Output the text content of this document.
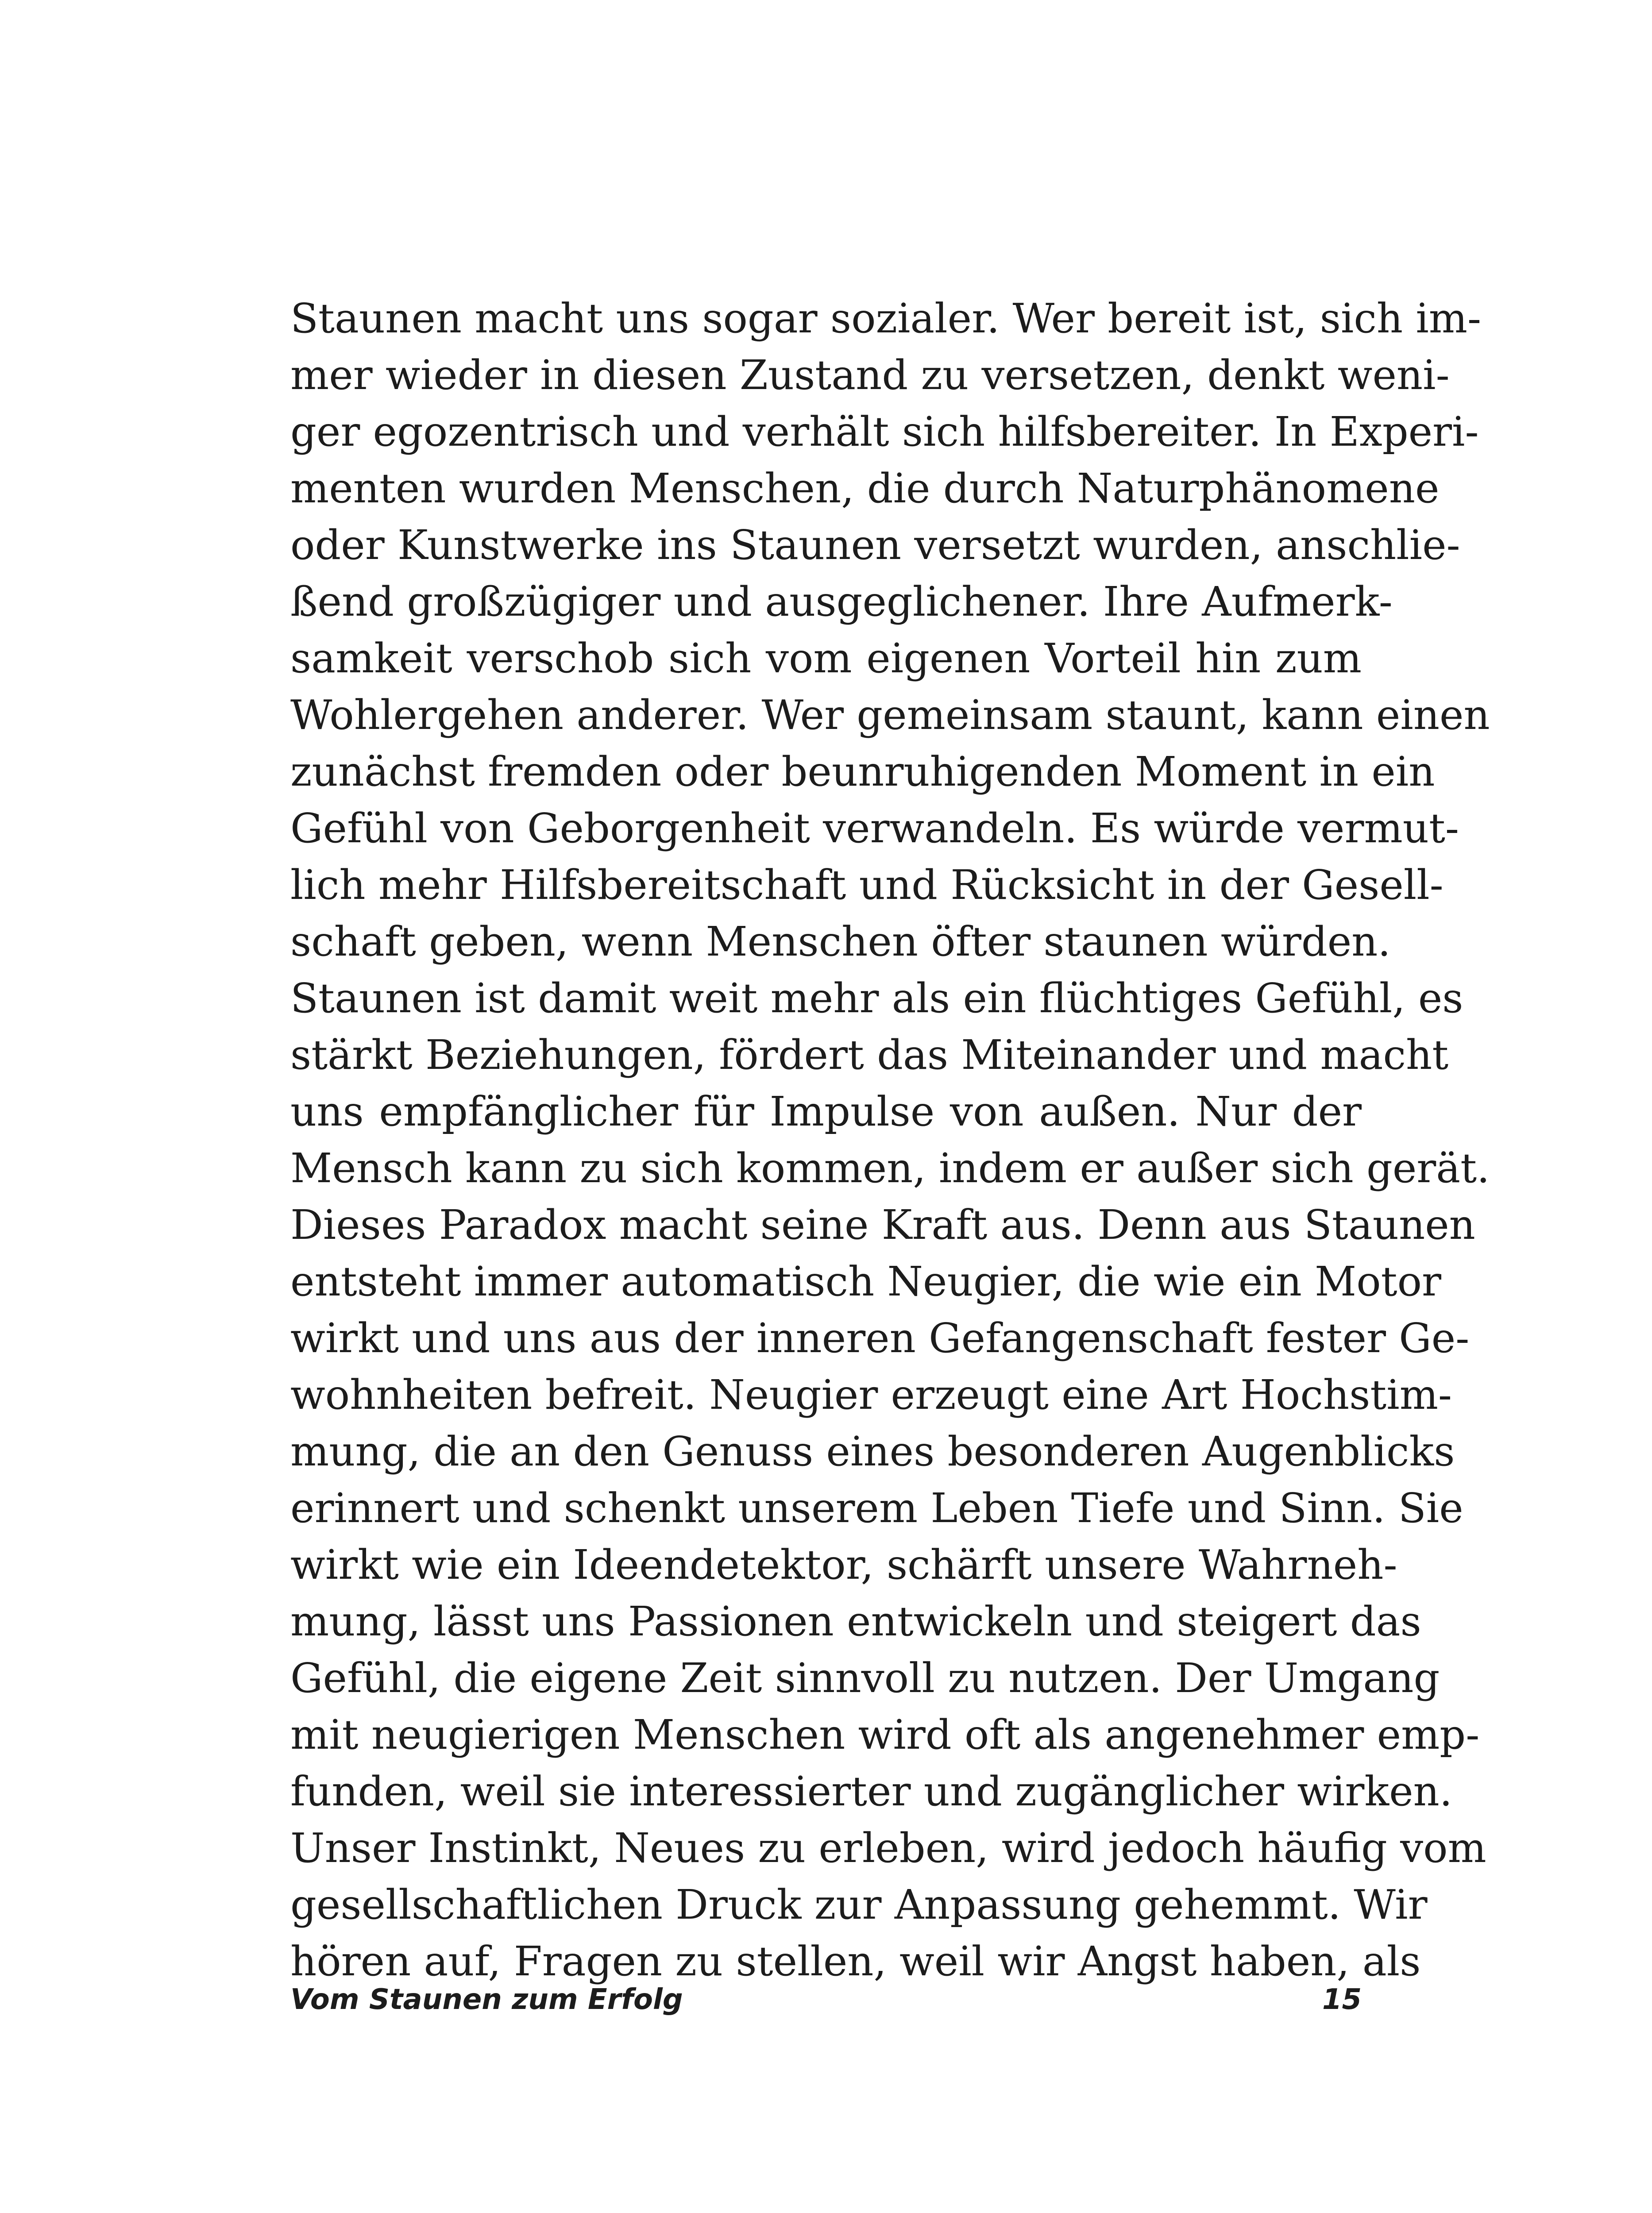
Staunen macht uns sogar sozialer. Wer bereit ist, sich im-
mer wieder in diesen Zustand zu versetzen, denkt weni-
ger egozentrisch und verhält sich hilfsbereiter. In Experi-
menten wurden Menschen, die durch Naturphänomene
oder Kunstwerke ins Staunen versetzt wurden, anschlie-
ßend großzügiger und ausgeglichener. Ihre Aufmerk-
samkeit verschob sich vom eigenen Vorteil hin zum
Wohlergehen anderer. Wer gemeinsam staunt, kann einen
zunächst fremden oder beunruhigenden Moment in ein
Gefühl von Geborgenheit verwandeln. Es würde vermut-
lich mehr Hilfsbereitschaft und Rücksicht in der Gesell-
schaft geben, wenn Menschen öfter staunen würden.
Staunen ist damit weit mehr als ein flüchtiges Gefühl, es
stärkt Beziehungen, fördert das Miteinander und macht
uns empfänglicher für Impulse von außen. Nur der
Mensch kann zu sich kommen, indem er außer sich gerät.
Dieses Paradox macht seine Kraft aus. Denn aus Staunen
entsteht immer automatisch Neugier, die wie ein Motor
wirkt und uns aus der inneren Gefangenschaft fester Ge-
wohnheiten befreit. Neugier erzeugt eine Art Hochstim-
mung, die an den Genuss eines besonderen Augenblicks
erinnert und schenkt unserem Leben Tiefe und Sinn. Sie
wirkt wie ein Ideendetektor, schärft unsere Wahrneh-
mung, lässt uns Passionen entwickeln und steigert das
Gefühl, die eigene Zeit sinnvoll zu nutzen. Der Umgang
mit neugierigen Menschen wird oft als angenehmer emp-
funden, weil sie interessierter und zugänglicher wirken.
Unser Instinkt, Neues zu erleben, wird jedoch häufig vom
gesellschaftlichen Druck zur Anpassung gehemmt. Wir
hören auf, Fragen zu stellen, weil wir Angst haben, als
Vom Staunen zum Erfolg	15
